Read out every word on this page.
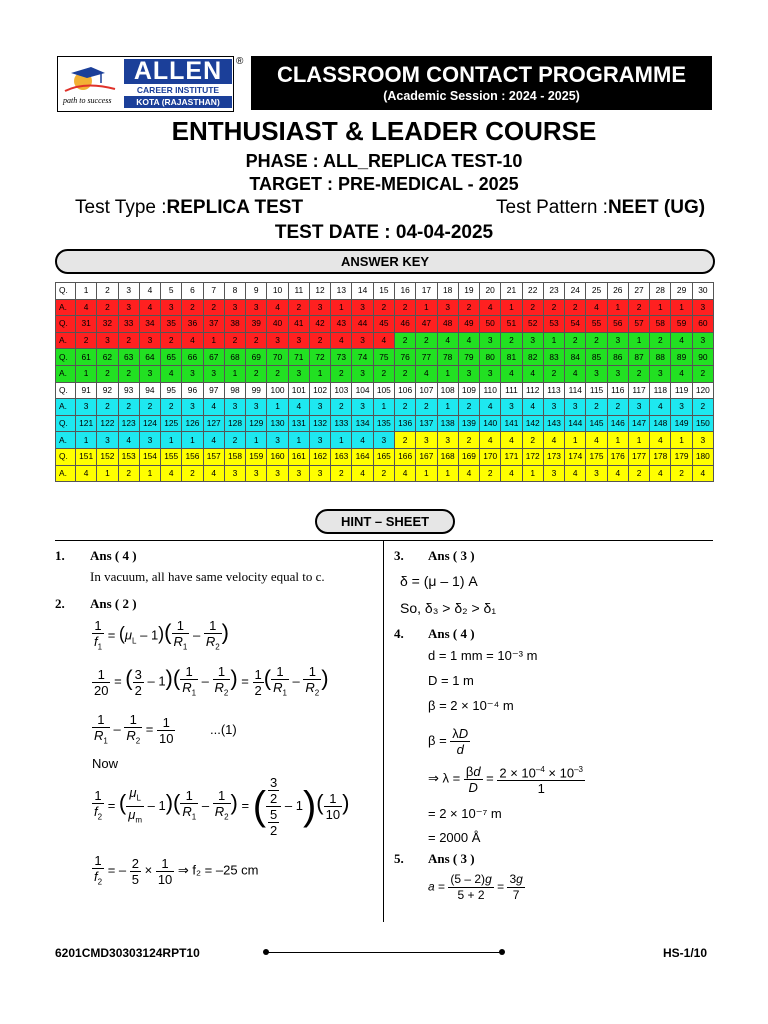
ALLEN
CAREER INSTITUTE
KOTA (RAJASTHAN)
path to success
®
CLASSROOM CONTACT PROGRAMME
(Academic Session : 2024 - 2025)
ENTHUSIAST & LEADER COURSE
PHASE : ALL_REPLICA TEST-10
TARGET : PRE-MEDICAL - 2025
Test Type :REPLICA TEST	Test Pattern :NEET (UG)
TEST DATE : 04-04-2025
ANSWER KEY
Q.	1	2	3	4	5	6	7	8	9	10	11	12	13	14	15	16	17	18	19	20	21	22	23	24	25	26	27	28	29	30
A.	4	2	3	4	3	2	2	3	3	4	2	3	1	3	2	2	1	3	2	4	1	2	2	2	4	1	2	1	1	3
Q.	31	32	33	34	35	36	37	38	39	40	41	42	43	44	45	46	47	48	49	50	51	52	53	54	55	56	57	58	59	60
A.	2	3	2	3	2	4	1	2	2	3	3	2	4	3	4	2	2	4	4	3	2	3	1	2	2	3	1	2	4	3
Q.	61	62	63	64	65	66	67	68	69	70	71	72	73	74	75	76	77	78	79	80	81	82	83	84	85	86	87	88	89	90
A.	1	2	2	3	4	3	3	1	2	2	3	1	2	3	2	2	4	1	3	3	4	4	2	4	3	3	2	3	4	2
Q.	91	92	93	94	95	96	97	98	99	100	101	102	103	104	105	106	107	108	109	110	111	112	113	114	115	116	117	118	119	120
A.	3	2	2	2	2	3	4	3	3	1	4	3	2	3	1	2	2	1	2	4	3	4	3	3	2	2	3	4	3	2
Q.	121	122	123	124	125	126	127	128	129	130	131	132	133	134	135	136	137	138	139	140	141	142	143	144	145	146	147	148	149	150
A.	1	3	4	3	1	1	4	2	1	3	1	3	1	4	3	2	3	3	2	4	4	2	4	1	4	1	1	4	1	3
Q.	151	152	153	154	155	156	157	158	159	160	161	162	163	164	165	166	167	168	169	170	171	172	173	174	175	176	177	178	179	180
A.	4	1	2	1	4	2	4	3	3	3	3	3	2	4	2	4	1	1	4	2	4	1	3	4	3	4	2	4	2	4
HINT – SHEET
1. Ans ( 4 )
In vacuum, all have same velocity equal to c.
2. Ans ( 2 )
$\frac{1}{f_1} = (\mu_L - 1)( \frac{1}{R_1} - \frac{1}{R_2}$ )
$\frac{1}{20}$ = ( $\frac{3}{2} - 1)( \frac{1}{R_1} - \frac{1}{R_2}$ ) = $\frac{1}{2}$ ( $\frac{1}{R_1} - \frac{1}{R_2}$ )
$\frac{1}{R_1} - \frac{1}{R_2} = \frac{1}{10}$	...(1)
Now
$\frac{1}{f_2}$ = ( $\frac{\mu_L}{\mu_m} - 1)( \frac{1}{R_1} - \frac{1}{R_2}$ ) = ( $\frac{\frac{3}{2}}{\frac{5}{2}} - 1)( \frac{1}{10}$ )
$\frac{1}{f_2}$ = – $\frac{2}{5} \times \frac{1}{10}$ ⇒ f₂ = –25 cm
3. Ans ( 3 )
δ = (μ – 1) A
So, δ₃ > δ₂ > δ₁
4. Ans ( 4 )
d = 1 mm = 10⁻³ m
D = 1 m
β = 2 × 10⁻⁴ m
$\beta = \frac{\lambda D}{d}$
⇒ $\lambda = \frac{\beta d}{D} = \frac{2 \times 10^{-4} \times 10^{-3}}{1}$
= 2 × 10⁻⁷ m
= 2000 Å
5. Ans ( 3 )
$a = \frac{(5 - 2)g}{5 + 2} = \frac{3g}{7}$
6201CMD30303124RPT10	HS-1/10
